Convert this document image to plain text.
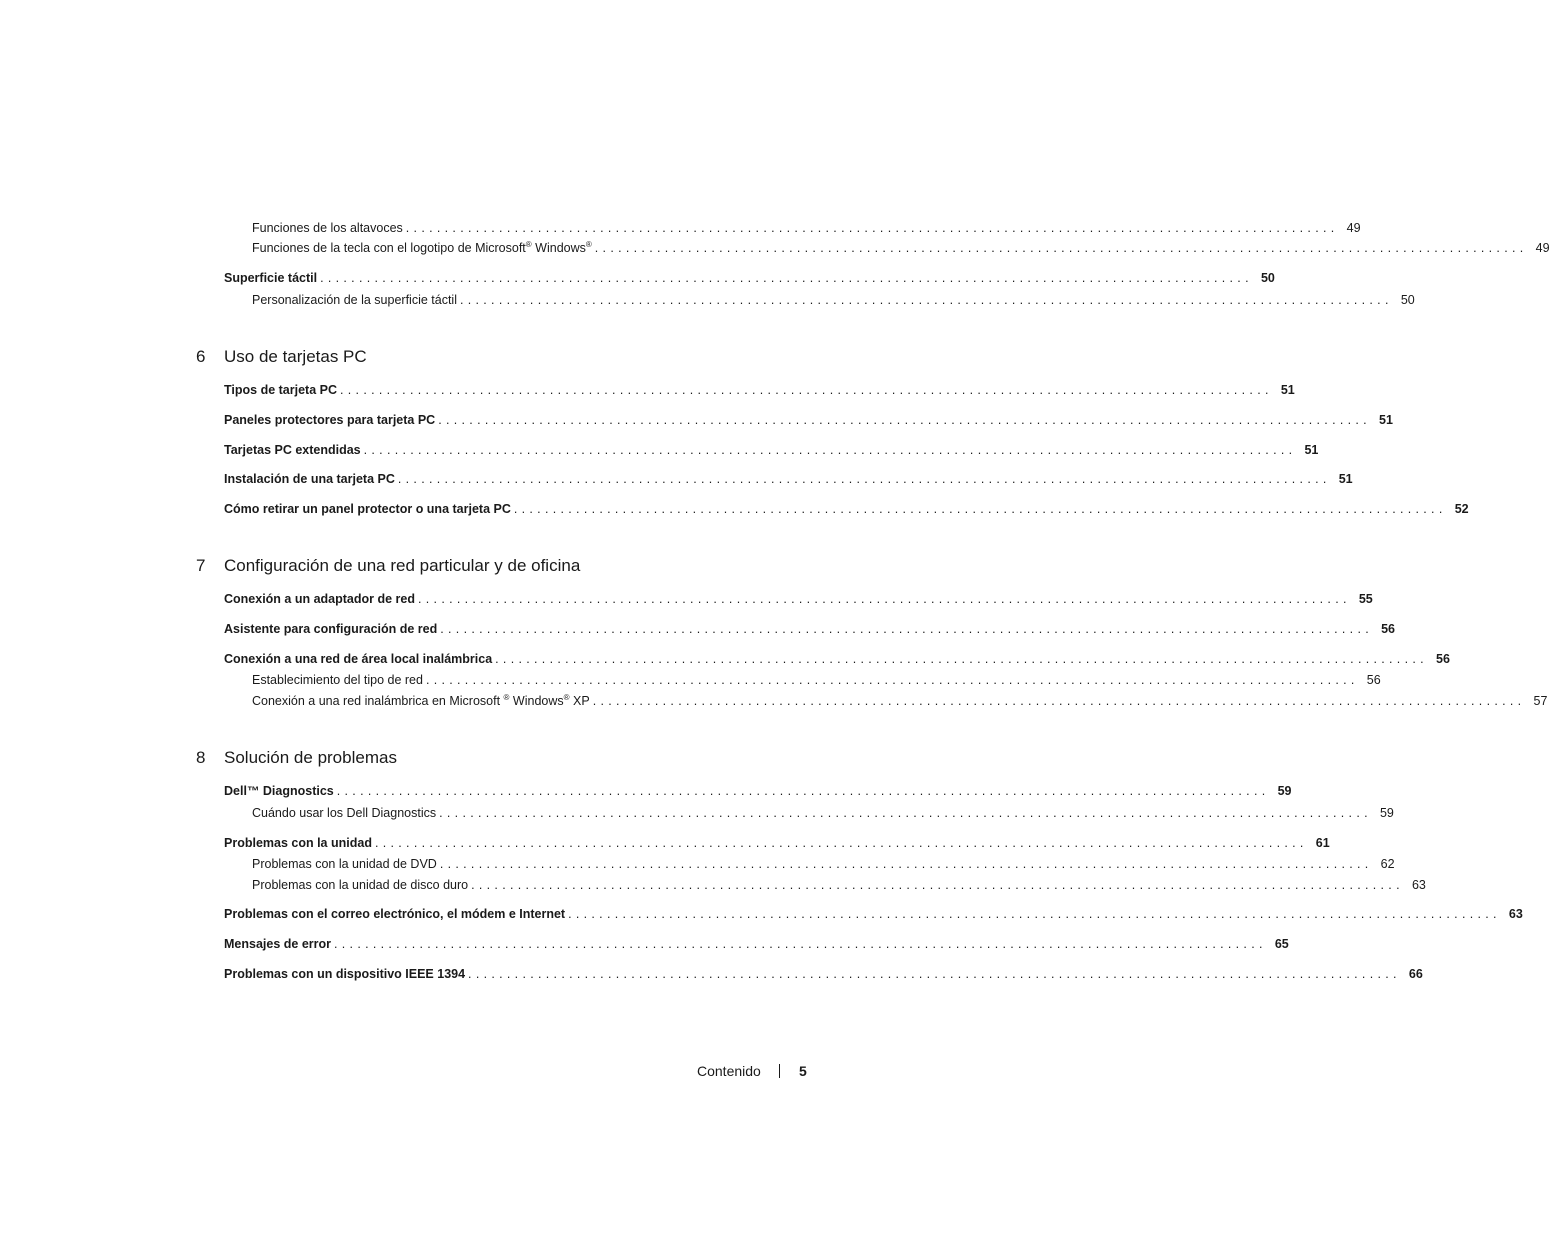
Funciones de los altavoces ........................................................................................................................ 49
Funciones de la tecla con el logotipo de Microsoft® Windows® ........................................................................................................................ 49
Superficie táctil ........................................................................................................................ 50
Personalización de la superficie táctil ........................................................................................................................ 50
6	Uso de tarjetas PC
Tipos de tarjeta PC ........................................................................................................................ 51
Paneles protectores para tarjeta PC ........................................................................................................................ 51
Tarjetas PC extendidas ........................................................................................................................ 51
Instalación de una tarjeta PC ........................................................................................................................ 51
Cómo retirar un panel protector o una tarjeta PC ........................................................................................................................ 52
7	Configuración de una red particular y de oficina
Conexión a un adaptador de red ........................................................................................................................ 55
Asistente para configuración de red ........................................................................................................................ 56
Conexión a una red de área local inalámbrica ........................................................................................................................ 56
Establecimiento del tipo de red ........................................................................................................................ 56
Conexión a una red inalámbrica en Microsoft ® Windows® XP ........................................................................................................................ 57
8	Solución de problemas
Dell™ Diagnostics ........................................................................................................................ 59
Cuándo usar los Dell Diagnostics ........................................................................................................................ 59
Problemas con la unidad ........................................................................................................................ 61
Problemas con la unidad de DVD ........................................................................................................................ 62
Problemas con la unidad de disco duro ........................................................................................................................ 63
Problemas con el correo electrónico, el módem e Internet ........................................................................................................................ 63
Mensajes de error ........................................................................................................................ 65
Problemas con un dispositivo IEEE 1394 ........................................................................................................................ 66
Contenido	5
